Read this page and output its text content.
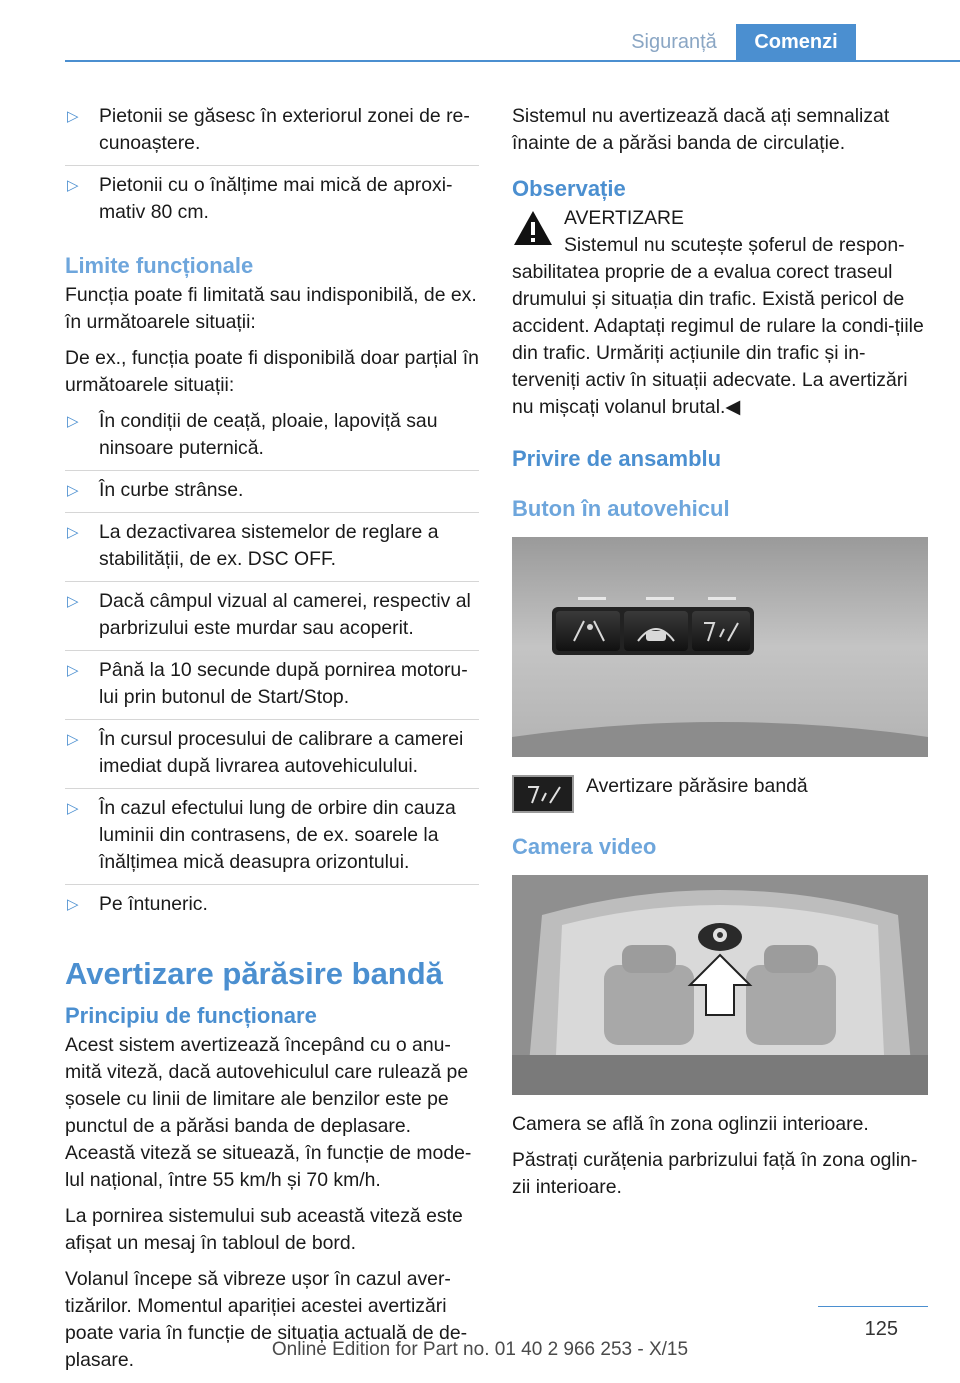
Siguranță	Comenzi
▷ Pietonii se găsesc în exteriorul zonei de re‐cunoaștere.
▷ Pietonii cu o înălțime mai mică de aproxi‐mativ 80 cm.
Limite funcționale

Funcția poate fi limitată sau indisponibilă, de ex. în următoarele situații:

De ex., funcția poate fi disponibilă doar parțial în următoarele situații:

▷ În condiții de ceață, ploaie, lapoviță sau ninsoare puternică.
▷ În curbe strânse.
▷ La dezactivarea sistemelor de reglare a stabilității, de ex. DSC OFF.
▷ Dacă câmpul vizual al camerei, respectiv al parbrizului este murdar sau acoperit.
▷ Până la 10 secunde după pornirea motoru‐lui prin butonul de Start/Stop.
▷ În cursul procesului de calibrare a camerei imediat după livrarea autovehiculului.
▷ În cazul efectului lung de orbire din cauza luminii din contrasens, de ex. soarele la înălțimea mică deasupra orizontului.
▷ Pe întuneric.
Avertizare părăsire bandă
Principiu de funcționare

Acest sistem avertizează începând cu o anu‐mită viteză, dacă autovehiculul care rulează pe șosele cu linii de limitare ale benzilor este pe punctul de a părăsi banda de deplasare. Această viteză se situează, în funcție de mode‐lul național, între 55 km/h și 70 km/h.

La pornirea sistemului sub această viteză este afișat un mesaj în tabloul de bord.

Volanul începe să vibreze ușor în cazul aver‐tizărilor. Momentul apariției acestei avertizări poate varia în funcție de situația actuală de de‐plasare.

Sistemul nu avertizează dacă ați semnalizat înainte de a părăsi banda de circulație.

Observație
AVERTIZARE
Sistemul nu scutește șoferul de respon‐sabilitatea proprie de a evalua corect traseul drumului și situația din trafic. Există pericol de accident. Adaptați regimul de rulare la condi‐țiile din trafic. Urmăriți acțiunile din trafic și in‐terveniți activ în situații adecvate. La avertizări nu mișcați volanul brutal.◀
Privire de ansamblu
Buton în autovehicul
Avertizare părăsire bandă
Camera video

Camera se află în zona oglinzii interioare.

Păstrați curățenia parbrizului față în zona oglin‐zii interioare.

125
Online Edition for Part no. 01 40 2 966 253 - X/15
